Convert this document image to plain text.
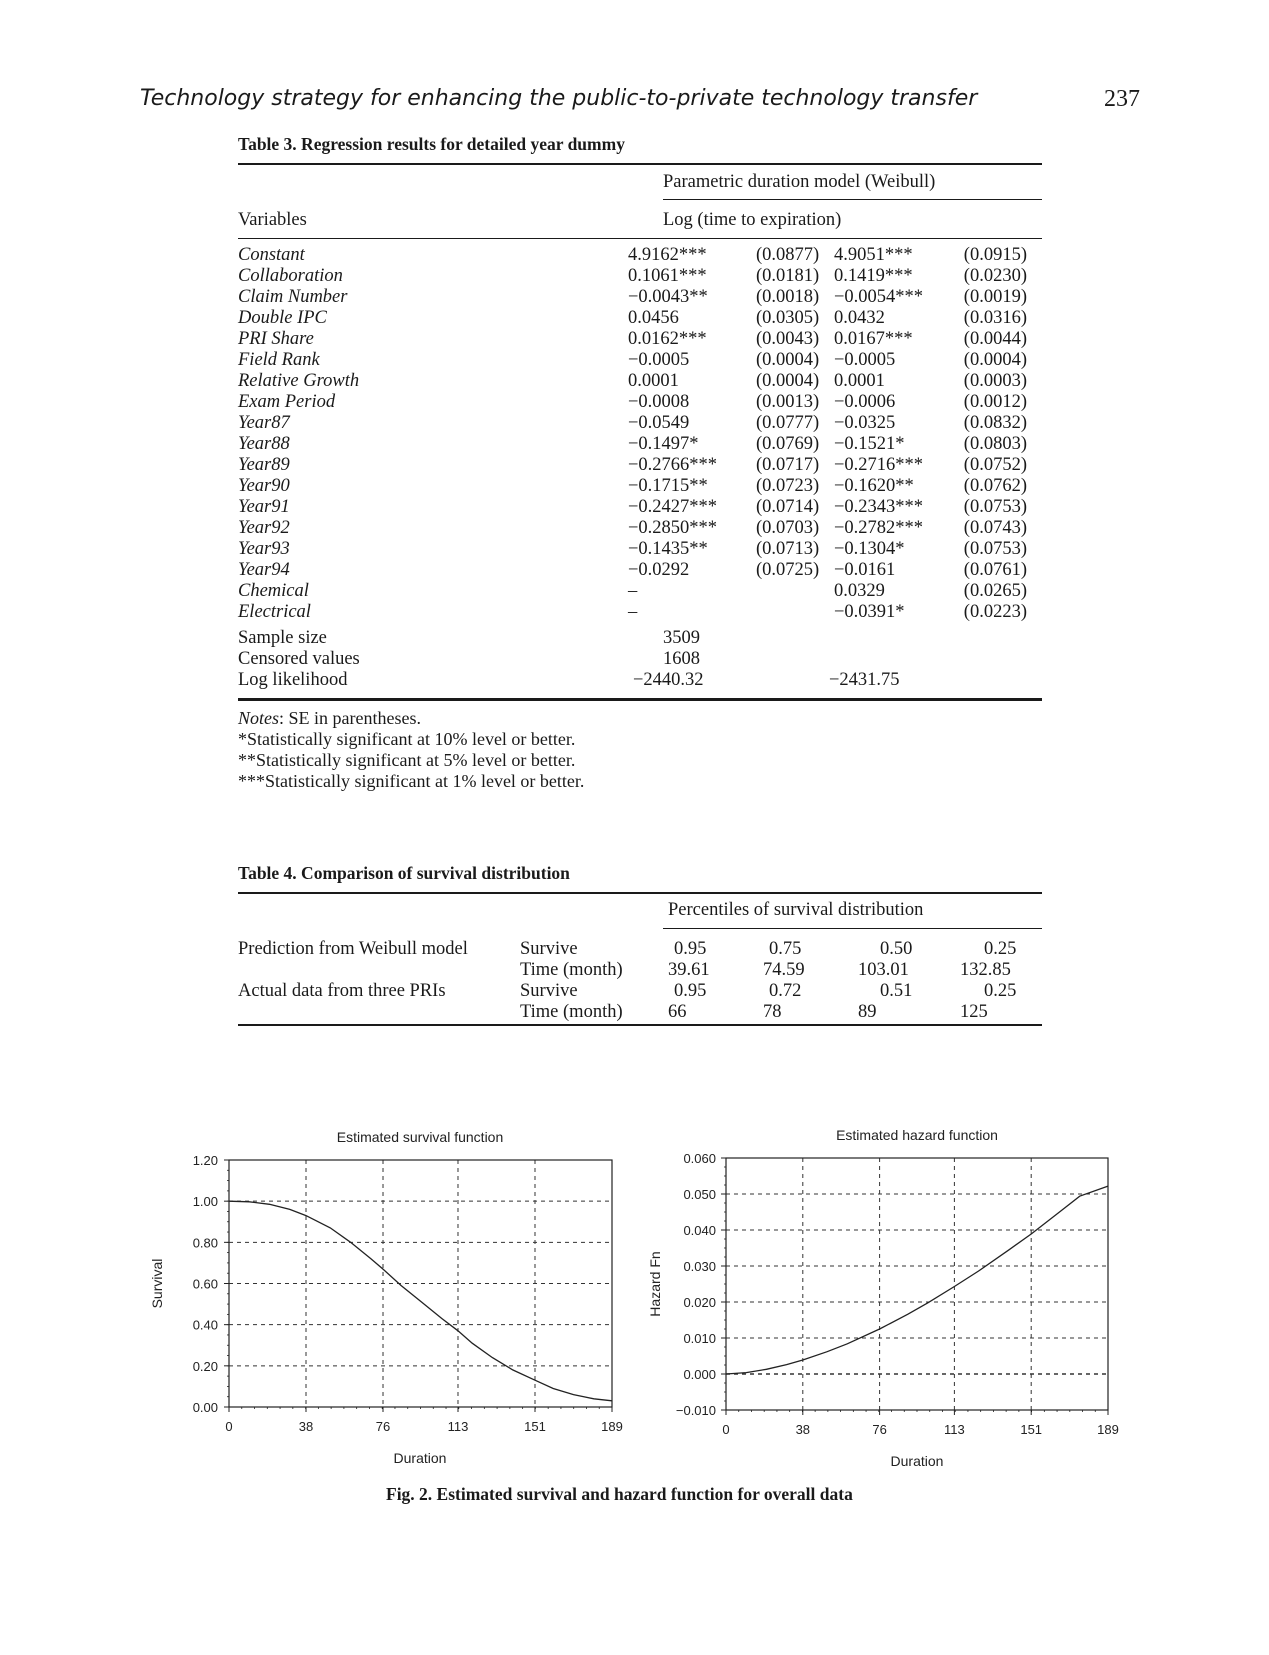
Technology strategy for enhancing the public-to-private technology transfer	237
Table 3. Regression results for detailed year dummy
Parametric duration model (Weibull)
Variables	Log (time to expiration)
Constant	4.9162***	(0.0877)	4.9051***	(0.0915)
Collaboration	0.1061***	(0.0181)	0.1419***	(0.0230)
Claim Number	−0.0043**	(0.0018)	−0.0054***	(0.0019)
Double IPC	0.0456	(0.0305)	0.0432	(0.0316)
PRI Share	0.0162***	(0.0043)	0.0167***	(0.0044)
Field Rank	−0.0005	(0.0004)	−0.0005	(0.0004)
Relative Growth	0.0001	(0.0004)	0.0001	(0.0003)
Exam Period	−0.0008	(0.0013)	−0.0006	(0.0012)
Year87	−0.0549	(0.0777)	−0.0325	(0.0832)
Year88	−0.1497*	(0.0769)	−0.1521*	(0.0803)
Year89	−0.2766***	(0.0717)	−0.2716***	(0.0752)
Year90	−0.1715**	(0.0723)	−0.1620**	(0.0762)
Year91	−0.2427***	(0.0714)	−0.2343***	(0.0753)
Year92	−0.2850***	(0.0703)	−0.2782***	(0.0743)
Year93	−0.1435**	(0.0713)	−0.1304*	(0.0753)
Year94	−0.0292	(0.0725)	−0.0161	(0.0761)
Chemical	–		0.0329	(0.0265)
Electrical	–		−0.0391*	(0.0223)
Sample size	3509
Censored values	1608
Log likelihood	−2440.32	−2431.75
Notes: SE in parentheses.
*Statistically significant at 10% level or better.
**Statistically significant at 5% level or better.
***Statistically significant at 1% level or better.
Table 4. Comparison of survival distribution
Percentiles of survival distribution
Prediction from Weibull model	Survive	0.95	0.75	0.50	0.25
Time (month) 39.61	74.59	103.01	132.85
Actual data from three PRIs	Survive	0.95	0.72	0.51	0.25
Time (month) 66	78	89	125
0	38	76	113	151	189
0.00
0.20
0.40
0.60
0.80
1.00
1.20
Estimated survival function
Duration
Survival
0	38	76	113	151	189
−0.010
0.000
0.010
0.020
0.030
0.040
0.050
0.060
Estimated hazard function
Duration
Hazard Fn
Fig. 2. Estimated survival and hazard function for overall data
